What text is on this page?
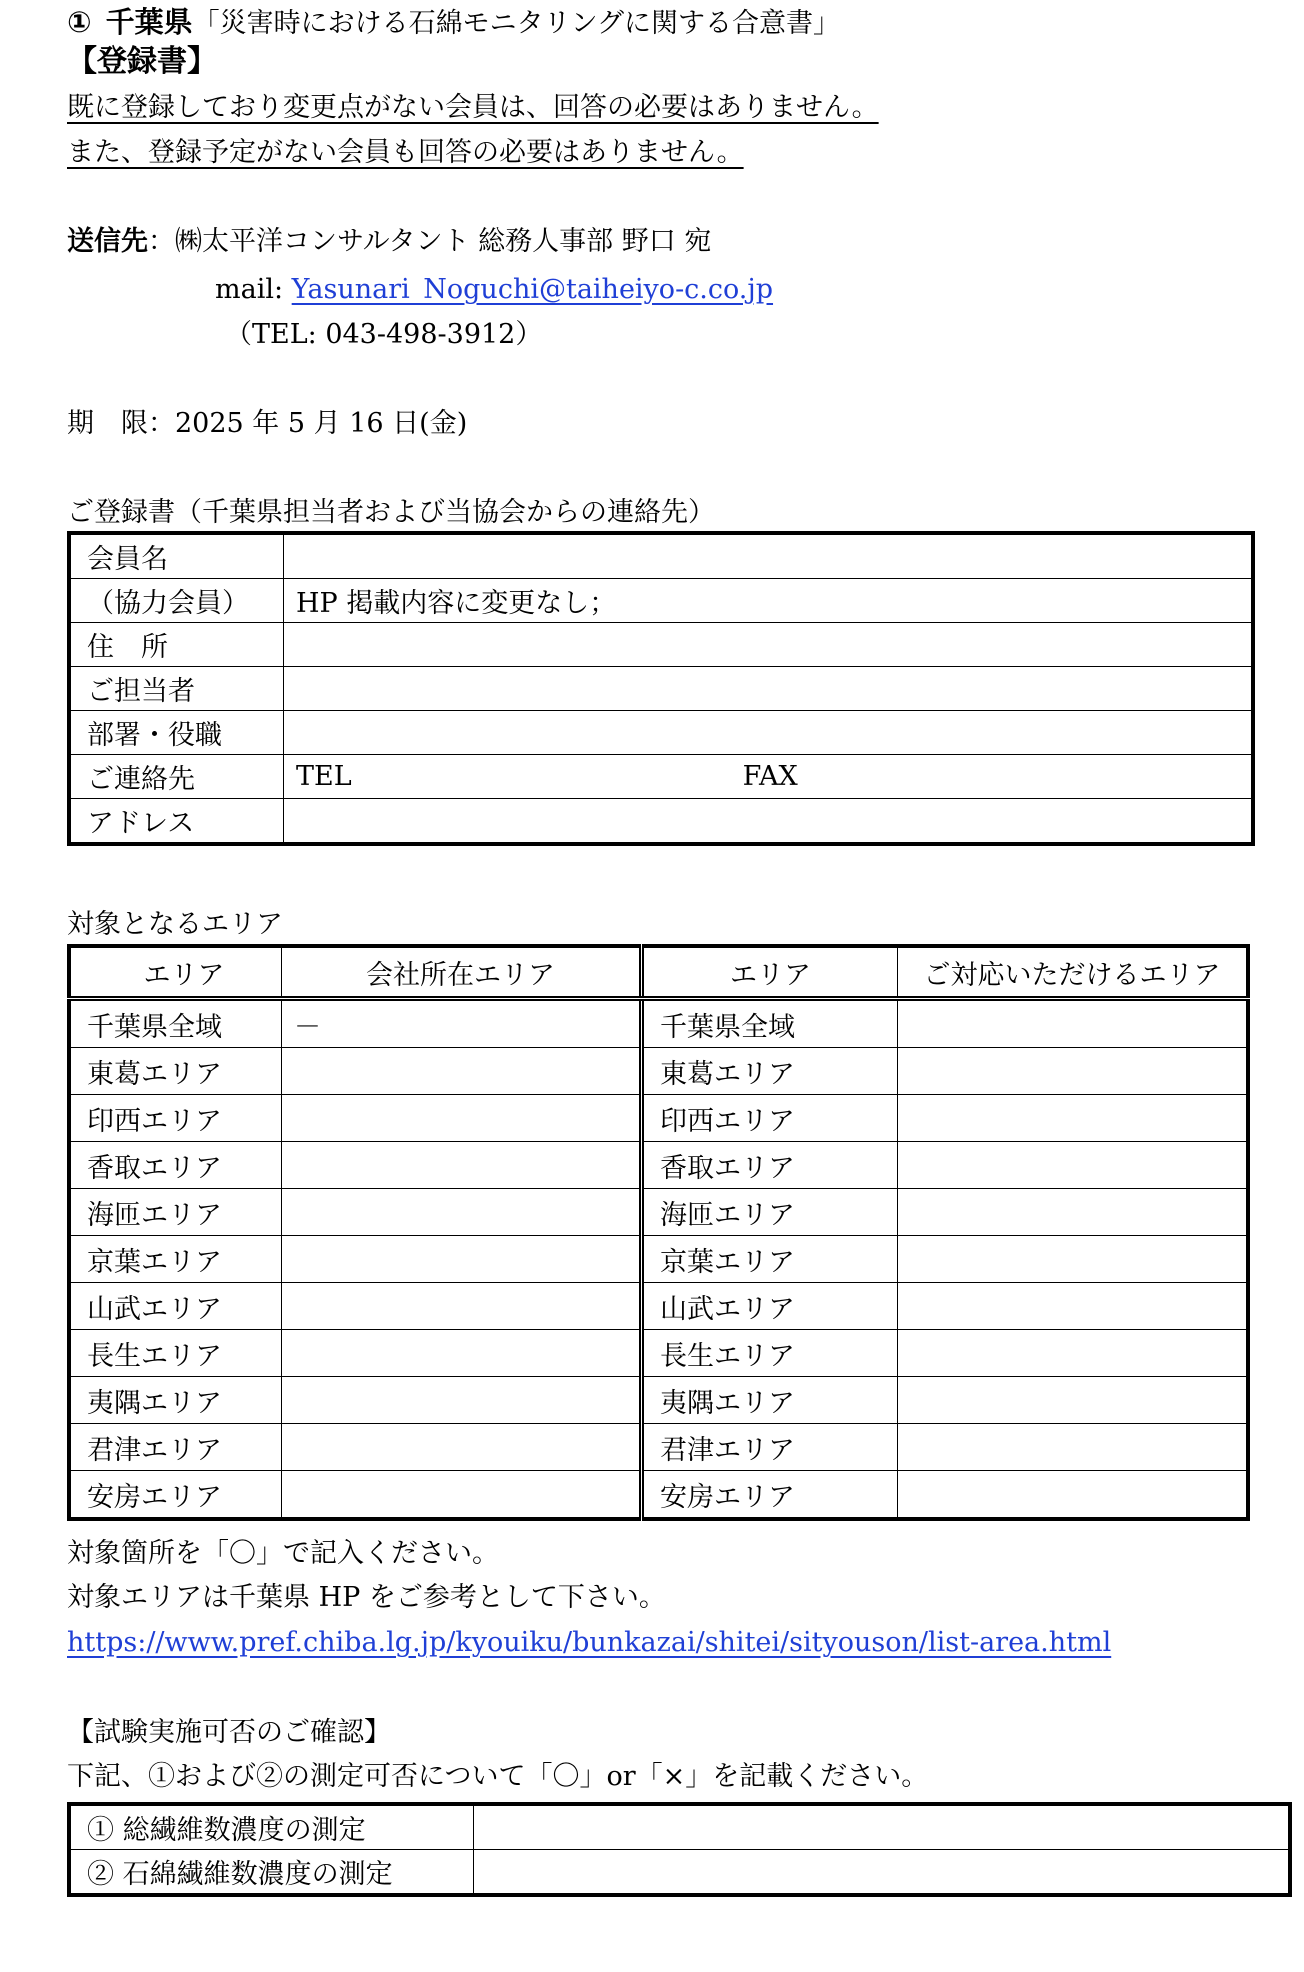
① 千葉県「災害時における石綿モニタリングに関する合意書」
【登録書】
既に登録しており変更点がない会員は、回答の必要はありません。
また、登録予定がない会員も回答の必要はありません。
送信先：㈱太平洋コンサルタント 総務人事部 野口 宛
mail: Yasunari_Noguchi@taiheiyo-c.co.jp
（TEL: 043-498-3912）
期　限：2025 年 5 月 16 日(金)
ご登録書（千葉県担当者および当協会からの連絡先）
会員名	
（協力会員）	HP 掲載内容に変更なし；
住　所	
ご担当者	
部署・役職	
ご連絡先	TEL FAX
アドレス	
対象となるエリア
エリア	会社所在エリア	エリア	ご対応いただけるエリア
千葉県全域	－	千葉県全域	
東葛エリア		東葛エリア	
印西エリア		印西エリア	
香取エリア		香取エリア	
海匝エリア		海匝エリア	
京葉エリア		京葉エリア	
山武エリア		山武エリア	
長生エリア		長生エリア	
夷隅エリア		夷隅エリア	
君津エリア		君津エリア	
安房エリア		安房エリア	
対象箇所を「〇」で記入ください。
対象エリアは千葉県 HP をご参考として下さい。
https://www.pref.chiba.lg.jp/kyouiku/bunkazai/shitei/sityouson/list-area.html
【試験実施可否のご確認】
下記、①および②の測定可否について「〇」or「×」を記載ください。
① 総繊維数濃度の測定	
② 石綿繊維数濃度の測定	
